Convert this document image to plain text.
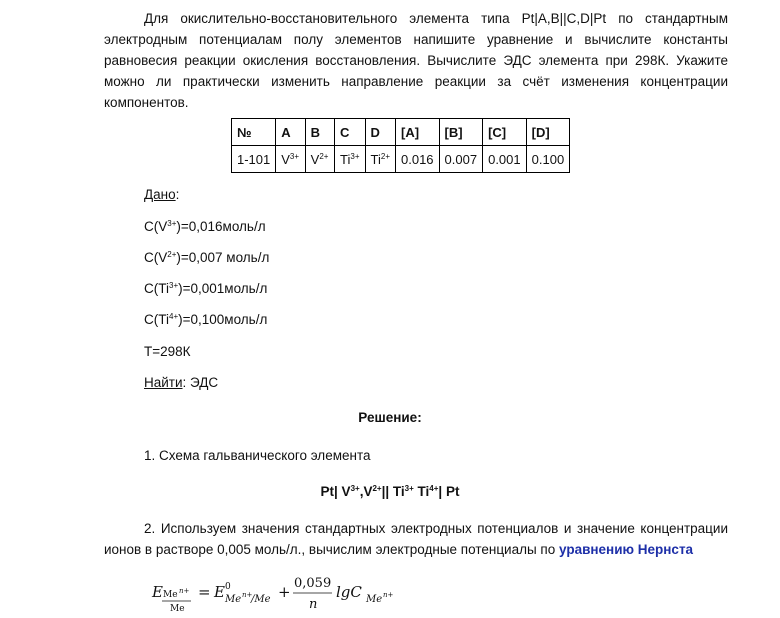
Для окислительно-восстановительного элемента типа Pt|A,B||C,D|Pt по стандартным электродным потенциалам полу элементов напишите уравнение и вычислите константы равновесия реакции окисления восстановления. Вычислите ЭДС элемента при 298К. Укажите можно ли практически изменить направление реакции за счёт изменения концентрации компонентов.
№	A	B	C	D	[A]	[B]	[C]	[D]
1-101	$V^{3+}$	$V^{2+}$	$Ti^{3+}$	$Ti^{2+}$	0.016	0.007	0.001	0.100
Дано:
$C(V^{3+})=0,016моль/л$
$C(V^{2+})=0,007$ моль/л
$C(Ti^{3+})=0,001моль/л$
$C(Ti^{4+})=0,100моль/л$
T=298К
Найти: ЭДС
Решение:
1. Схема гальванического элемента
Pt| $V^{3+},V^{2+}||$ $Ti^{3+}$ $Ti^{4+}|$ Pt
2. Используем значения стандартных электродных потенциалов и значение концентрации ионов в растворе 0,005 моль/л., вычислим электродные потенциалы по уравнению Нернста
E Me n+
Me
= E 0
Me n+
/Me + 0,059
n
lgC Me n+
